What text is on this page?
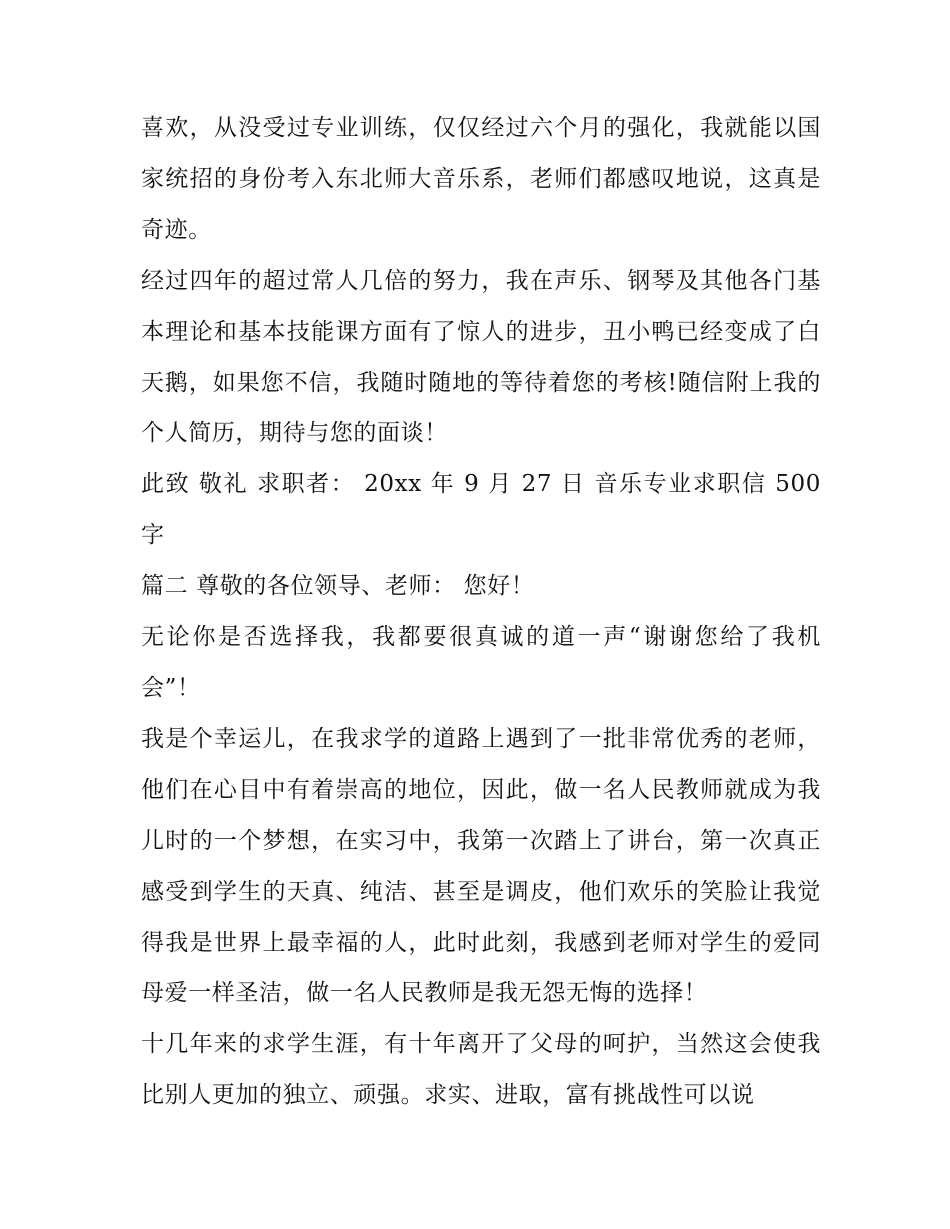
喜欢，从没受过专业训练，仅仅经过六个月的强化，我就能以国家统招的身份考入东北师大音乐系，老师们都感叹地说，这真是奇迹。

经过四年的超过常人几倍的努力，我在声乐、钢琴及其他各门基本理论和基本技能课方面有了惊人的进步，丑小鸭已经变成了白天鹅，如果您不信，我随时随地的等待着您的考核!随信附上我的个人简历，期待与您的面谈！

此致 敬礼 求职者： 20xx 年 9 月 27 日 音乐专业求职信 500 字

篇二 尊敬的各位领导、老师： 您好！

无论你是否选择我，我都要很真诚的道一声“谢谢您给了我机会”！

我是个幸运儿，在我求学的道路上遇到了一批非常优秀的老师，他们在心目中有着崇高的地位，因此，做一名人民教师就成为我儿时的一个梦想，在实习中，我第一次踏上了讲台，第一次真正感受到学生的天真、纯洁、甚至是调皮，他们欢乐的笑脸让我觉得我是世界上最幸福的人，此时此刻，我感到老师对学生的爱同母爱一样圣洁，做一名人民教师是我无怨无悔的选择！

十几年来的求学生涯，有十年离开了父母的呵护，当然这会使我比别人更加的独立、顽强。求实、进取，富有挑战性可以说
